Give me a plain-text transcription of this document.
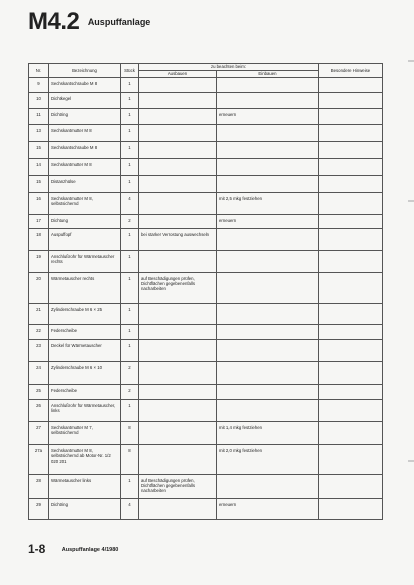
M4.2 $^{Auspuffanlage}$
Nr.	Bezeichnung	Stück	zu beachten beim:		Besondere Hinweise
			Ausbauen	Einbauen	
9	Sechskantschraube M 8	1			
10	Dichtkegel	1			
11	Dichtring	1		erneuern	
13	Sechskantmutter M 8	1			
15	Sechskantschraube M 8	1			
14	Sechskantmutter M 8	1			
15	Distanzhülse	1			
16	Sechskantmutter M 8, selbstsichernd	4		mit 2,5 mkg festziehen	
17	Dichtung	2		erneuern	
18	Auspuffopf	1	bei starker Verrostung auswechseln		
19	Anschlußrohr für Wärmetauscher rechts	1			
20	Wärmetauscher rechts	1	auf Beschädigungen prüfen, Dichtflächen gegebenenfalls nacharbeiten		
21	Zylinderschraube M 6 × 25	1			
22	Federscheibe	1			
23	Deckel für Wärmetauscher	1			
24	Zylinderschraube M 6 × 10	2			
25	Federscheibe	2			
26	Anschlußrohr für Wärmetauscher, links	1			
27	Sechskantmutter M 7, selbstsichernd	8		mit 1,4 mkg festziehen	
27a	Sechskantmutter M 8, selbstsichernd ab Motor-Nr. 1/2 020 201	8		mit 2,0 mkg festziehen	
28	Wärmetauscher links	1	auf Beschädigungen prüfen, Dichtflächen gegebenenfalls nacharbeiten		
29	Dichtring	4		erneuern	
1-8	Auspuffanlage 4/1980
